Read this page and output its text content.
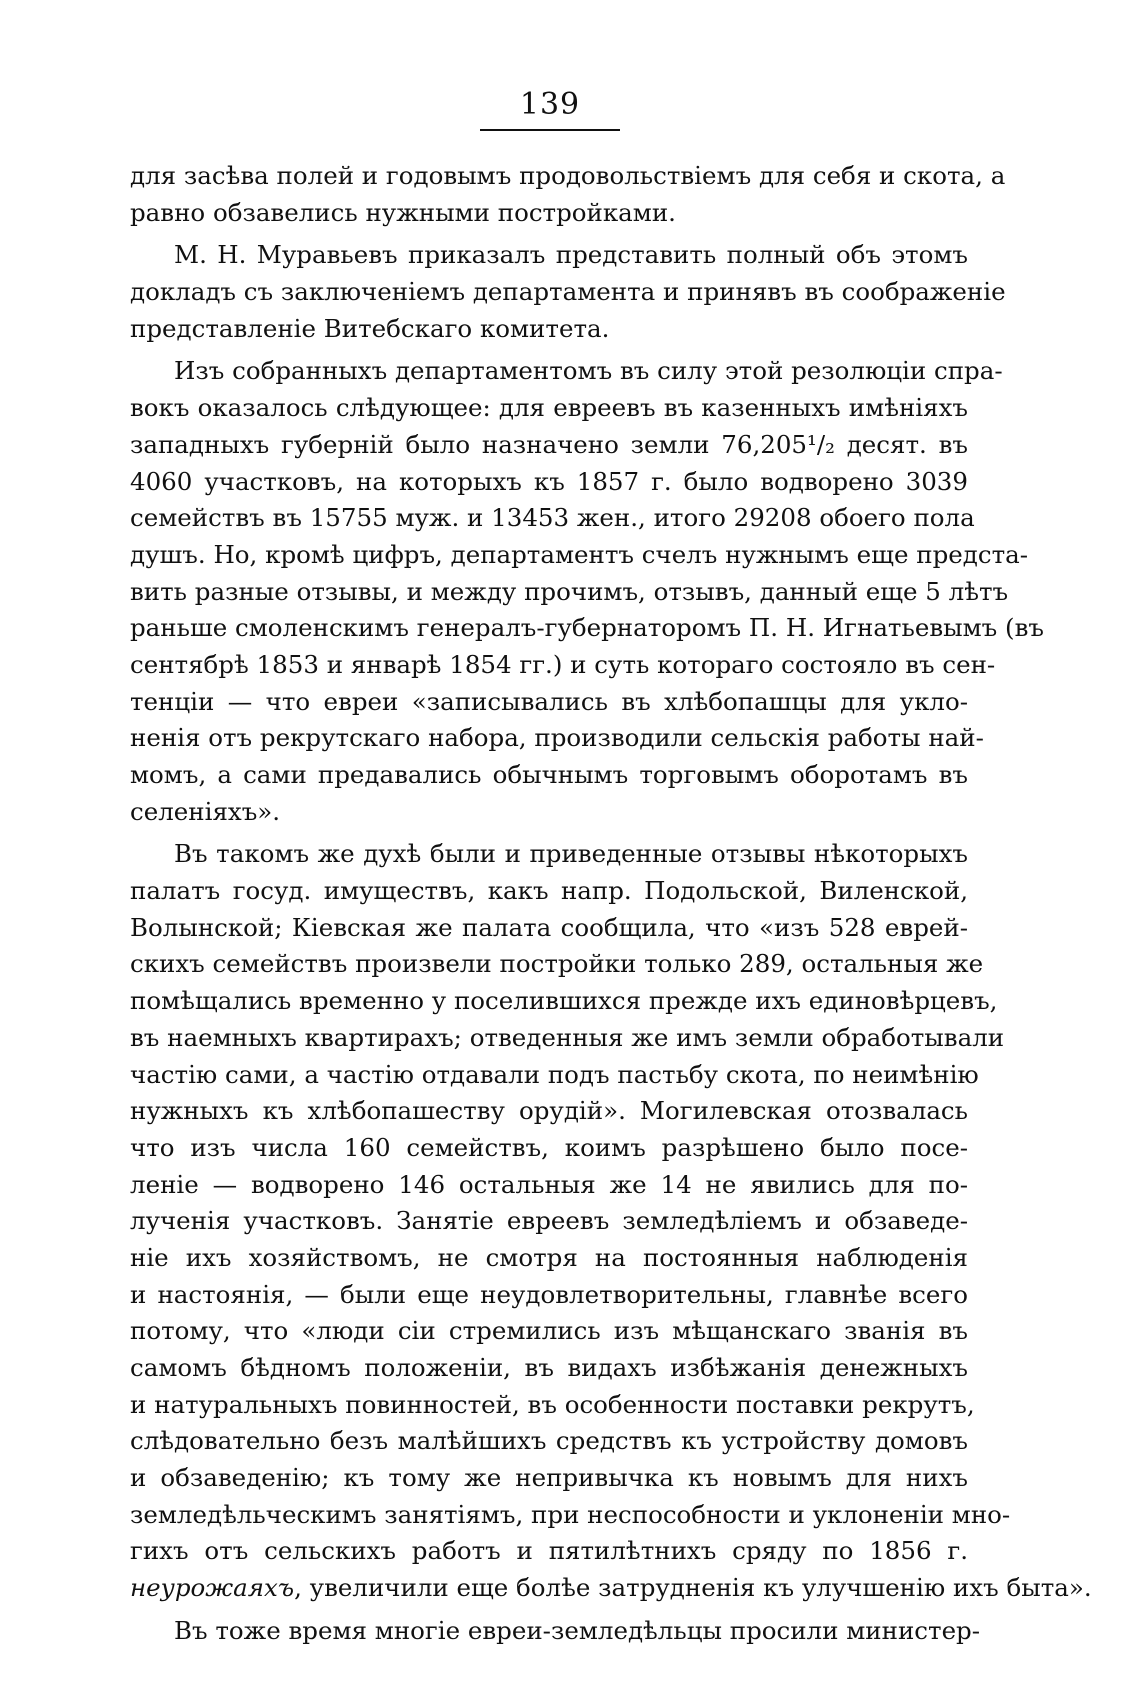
139
для засѣва полей и годовымъ продовольствіемъ для себя и скота, а
равно обзавелись нужными постройками.
М. Н. Муравьевъ приказалъ представить полный объ этомъ
докладъ съ заключеніемъ департамента и принявъ въ соображеніе
представленіе Витебскаго комитета.
Изъ собранныхъ департаментомъ въ силу этой резолюціи спра-
вокъ оказалось слѣдующее: для евреевъ въ казенныхъ имѣніяхъ
западныхъ губерній было назначено земли 76,205¹/₂ десят. въ
4060 участковъ, на которыхъ къ 1857 г. было водворено 3039
семействъ въ 15755 муж. и 13453 жен., итого 29208 обоего пола
душъ. Но, кромѣ цифръ, департаментъ счелъ нужнымъ еще предста-
вить разные отзывы, и между прочимъ, отзывъ, данный еще 5 лѣтъ
раньше смоленскимъ генералъ-губернаторомъ П. Н. Игнатьевымъ (въ
сентябрѣ 1853 и январѣ 1854 гг.) и суть котораго состояло въ сен-
тенціи — что евреи «записывались въ хлѣбопашцы для укло-
ненія отъ рекрутскаго набора, производили сельскія работы най-
момъ, а сами предавались обычнымъ торговымъ оборотамъ въ
селеніяхъ».
Въ такомъ же духѣ были и приведенные отзывы нѣкоторыхъ
палатъ госуд. имуществъ, какъ напр. Подольской, Виленской,
Волынской; Кіевская же палата сообщила, что «изъ 528 еврей-
скихъ семействъ произвели постройки только 289, остальныя же
помѣщались временно у поселившихся прежде ихъ единовѣрцевъ,
въ наемныхъ квартирахъ; отведенныя же имъ земли обработывали
частію сами, а частію отдавали подъ пастьбу скота, по неимѣнію
нужныхъ къ хлѣбопашеству орудій». Могилевская отозвалась
что изъ числа 160 семействъ, коимъ разрѣшено было посе-
леніе — водворено 146 остальныя же 14 не явились для по-
лученія участковъ. Занятіе евреевъ земледѣліемъ и обзаведе-
ніе ихъ хозяйствомъ, не смотря на постоянныя наблюденія
и настоянія, — были еще неудовлетворительны, главнѣе всего
потому, что «люди сіи стремились изъ мѣщанскаго званія въ
самомъ бѣдномъ положеніи, въ видахъ избѣжанія денежныхъ
и натуральныхъ повинностей, въ особенности поставки рекрутъ,
слѣдовательно безъ малѣйшихъ средствъ къ устройству домовъ
и обзаведенію; къ тому же непривычка къ новымъ для нихъ
земледѣльческимъ занятіямъ, при неспособности и уклоненіи мно-
гихъ отъ сельскихъ работъ и пятилѣтнихъ сряду по 1856 г.
неурожаяхъ, увеличили еще болѣе затрудненія къ улучшенію ихъ быта».
Въ тоже время многіе евреи-земледѣльцы просили министер-
